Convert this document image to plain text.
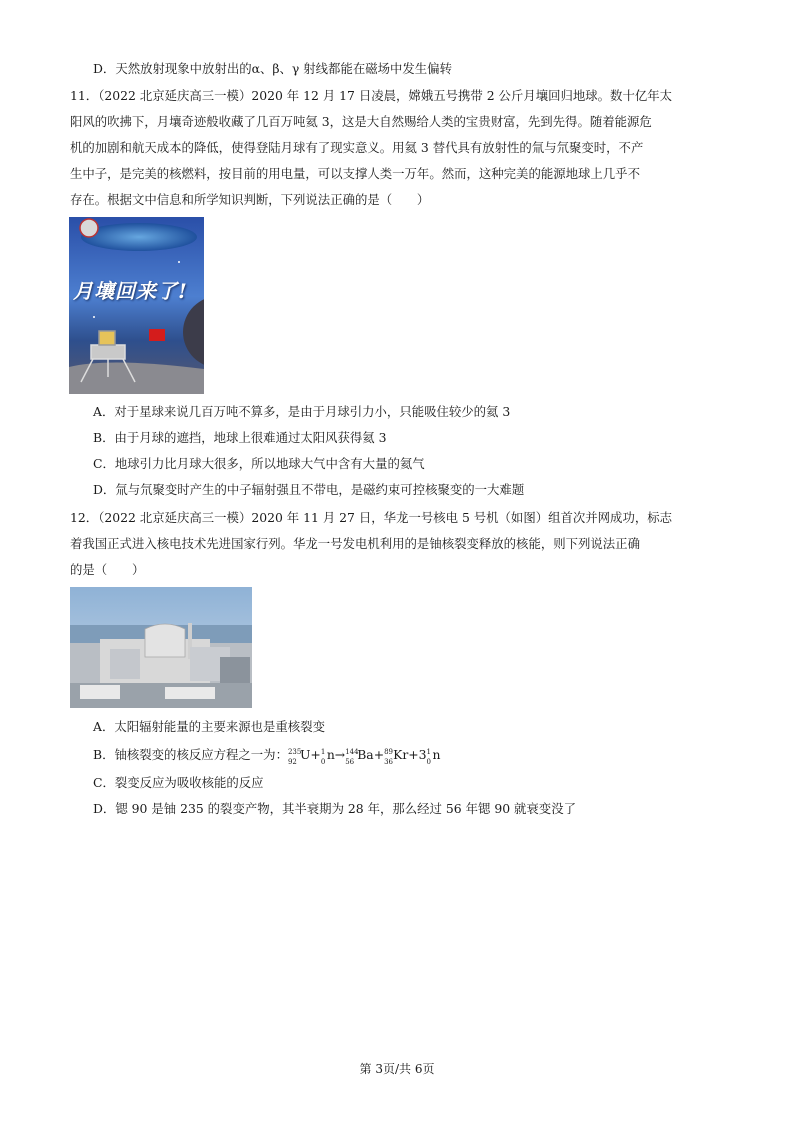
D．天然放射现象中放射出的α、β、γ 射线都能在磁场中发生偏转
11．（2022 北京延庆高三一模）2020 年 12 月 17 日凌晨，嫦娥五号携带 2 公斤月壤回归地球。数十亿年太
阳风的吹拂下，月壤奇迹般收藏了几百万吨氦 3，这是大自然赐给人类的宝贵财富，先到先得。随着能源危
机的加剧和航天成本的降低，使得登陆月球有了现实意义。用氦 3 替代具有放射性的氚与氘聚变时，不产
生中子，是完美的核燃料，按目前的用电量，可以支撑人类一万年。然而，这种完美的能源地球上几乎不
存在。根据文中信息和所学知识判断，下列说法正确的是（　　）
月壤回来了!
A．对于星球来说几百万吨不算多，是由于月球引力小，只能吸住较少的氦 3
B．由于月球的遮挡，地球上很难通过太阳风获得氦 3
C．地球引力比月球大很多，所以地球大气中含有大量的氦气
D．氚与氘聚变时产生的中子辐射强且不带电，是磁约束可控核聚变的一大难题
12．（2022 北京延庆高三一模）2020 年 11 月 27 日，华龙一号核电 5 号机（如图）组首次并网成功，标志
着我国正式进入核电技术先进国家行列。华龙一号发电机利用的是铀核裂变释放的核能，则下列说法正确
的是（　　）
A．太阳辐射能量的主要来源也是重核裂变
B．铀核裂变的核反应方程之一为： 235
92 U+ 1
0 n→ 144
56 Ba+ 89
36 Kr+3 1
0 n
C．裂变反应为吸收核能的反应
D．锶 90 是铀 235 的裂变产物，其半衰期为 28 年，那么经过 56 年锶 90 就衰变没了
第 3页/共 6页
